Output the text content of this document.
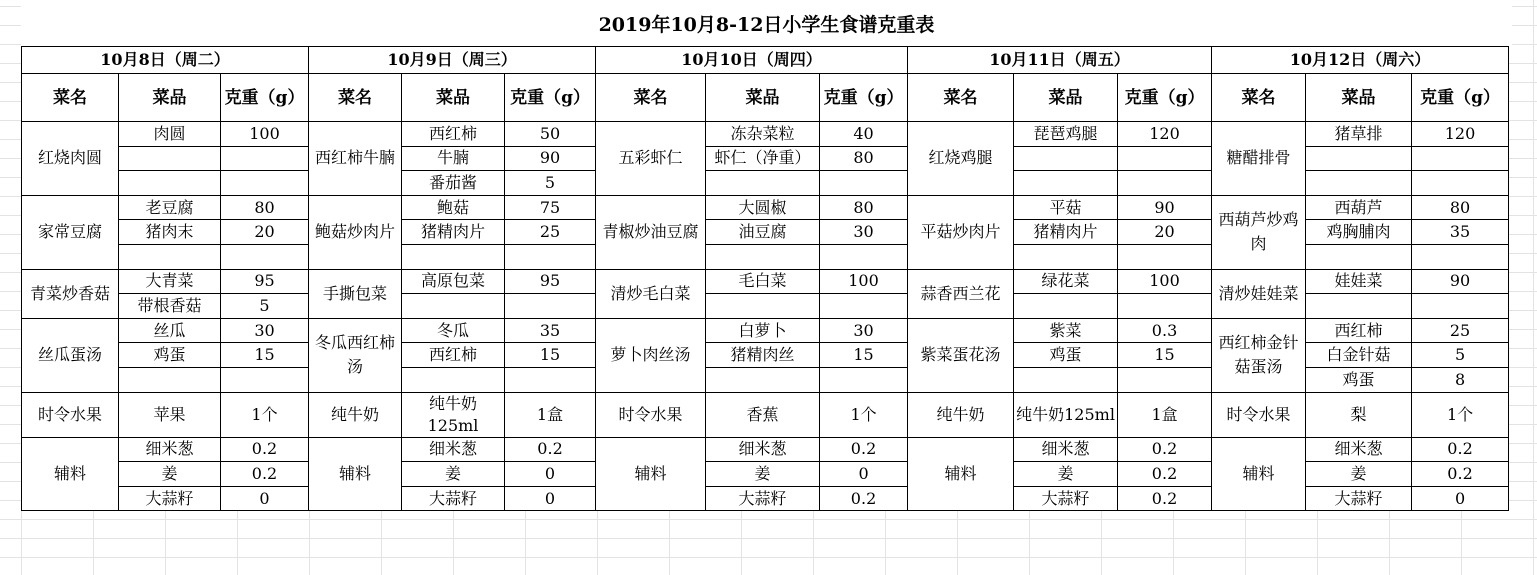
2019年10月8-12日小学生食谱克重表
10月8日（周二）			10月9日（周三）			10月10日（周四）			10月11日（周五）			10月12日（周六）		
菜名	菜品	克重（g）	菜名	菜品	克重（g）	菜名	菜品	克重（g）	菜名	菜品	克重（g）	菜名	菜品	克重（g）
红烧肉圆	肉圆	100	西红柿牛腩	西红柿	50	五彩虾仁	冻杂菜粒	40	红烧鸡腿	琵琶鸡腿	120	糖醋排骨	猪草排	120
				牛腩	90		虾仁（净重）	80						
				番茄酱	5									
家常豆腐	老豆腐	80	鲍菇炒肉片	鲍菇	75	青椒炒油豆腐	大圆椒	80	平菇炒肉片	平菇	90	西葫芦炒鸡肉	西葫芦	80
	猪肉末	20		猪精肉片	25		油豆腐	30		猪精肉片	20		鸡胸脯肉	35

青菜炒香菇	大青菜	95	手撕包菜	高原包菜	95	清炒毛白菜	毛白菜	100	蒜香西兰花	绿花菜	100	清炒娃娃菜	娃娃菜	90
	带根香菇	5												
丝瓜蛋汤	丝瓜	30	冬瓜西红柿汤	冬瓜	35	萝卜肉丝汤	白萝卜	30	紫菜蛋花汤	紫菜	0.3	西红柿金针菇蛋汤	西红柿	25
	鸡蛋	15		西红柿	15		猪精肉丝	15		鸡蛋	15		白金针菇	5
													鸡蛋	8
时令水果	苹果	1个	纯牛奶	纯牛奶125ml	1盒	时令水果	香蕉	1个	纯牛奶	纯牛奶125ml	1盒	时令水果	梨	1个

辅料	细米葱	0.2	辅料	细米葱	0.2	辅料	细米葱	0.2	辅料	细米葱	0.2	辅料	细米葱	0.2
	姜	0.2		姜	0		姜	0		姜	0.2		姜	0.2
	大蒜籽	0		大蒜籽	0		大蒜籽	0.2		大蒜籽	0.2		大蒜籽	0
